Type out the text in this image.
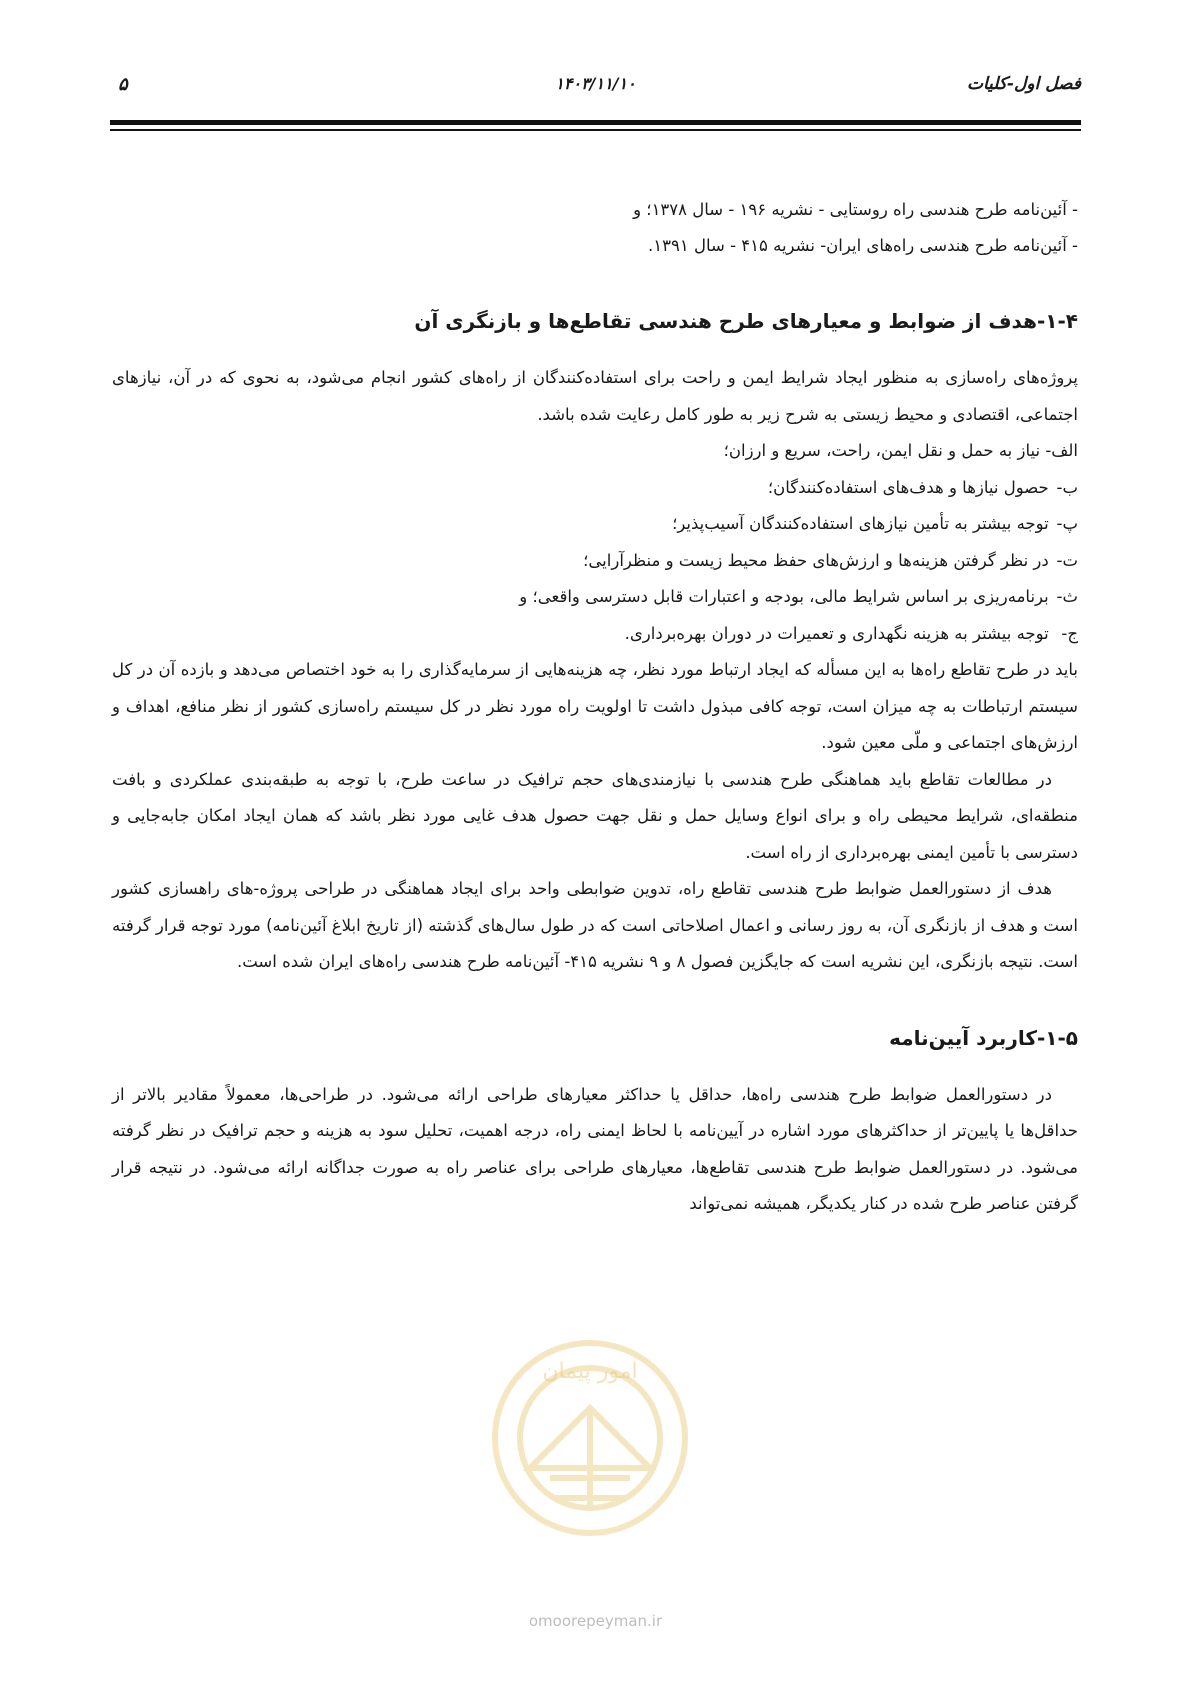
فصل اول-کلیات
۱۴۰۳/۱۱/۱۰
۵
- آئین‌نامه طرح هندسی راه روستایی - نشریه ۱۹۶ - سال ۱۳۷۸؛ و
- آئین‌نامه طرح هندسی راه‌های ایران- نشریه ۴۱۵ - سال ۱۳۹۱.
۱-۴-هدف از ضوابط و معیارهای طرح هندسی تقاطع‌ها و بازنگری آن

پروژه‌های راه‌سازی به منظور ایجاد شرایط ایمن و راحت برای استفاده‌کنندگان از راه‌های کشور انجام می‌شود، به نحوی که در آن، نیازهای اجتماعی، اقتصادی و محیط زیستی به شرح زیر به طور کامل رعایت شده باشد.

الف- نیاز به حمل و نقل ایمن، راحت، سریع و ارزان؛
ب- حصول نیازها و هدف‌های استفاده‌کنندگان؛
پ- توجه بیشتر به تأمین نیازهای استفاده‌کنندگان آسیب‌پذیر؛
ت- در نظر گرفتن هزینه‌ها و ارزش‌های حفظ محیط زیست و منظرآرایی؛
ث- برنامه‌ریزی بر اساس شرایط مالی، بودجه و اعتبارات قابل دسترسی واقعی؛ و
ج- توجه بیشتر به هزینه نگهداری و تعمیرات در دوران بهره‌برداری.

باید در طرح تقاطع راه‌ها به این مسأله که ایجاد ارتباط مورد نظر، چه هزینه‌هایی از سرمایه‌گذاری را به خود اختصاص می‌دهد و بازده آن در کل سیستم ارتباطات به چه میزان است، توجه کافی مبذول داشت تا اولویت راه مورد نظر در کل سیستم راه‌سازی کشور از نظر منافع، اهداف و ارزش‌های اجتماعی و ملّی معین شود.

در مطالعات تقاطع باید هماهنگی طرح هندسی با نیازمندی‌های حجم ترافیک در ساعت طرح، با توجه به طبقه‌بندی عملکردی و بافت منطقه‌ای، شرایط محیطی راه و برای انواع وسایل حمل و نقل جهت حصول هدف غایی مورد نظر باشد که همان ایجاد امکان جابه‌جایی و دسترسی با تأمین ایمنی بهره‌برداری از راه است.

هدف از دستورالعمل ضوابط طرح هندسی تقاطع راه، تدوین ضوابطی واحد برای ایجاد هماهنگی در طراحی پروژه-های راهسازی کشور است و هدف از بازنگری آن، به روز رسانی و اعمال اصلاحاتی است که در طول سال‌های گذشته (از تاریخ ابلاغ آئین‌نامه) مورد توجه قرار گرفته است. نتیجه بازنگری، این نشریه است که جایگزین فصول ۸ و ۹ نشریه ۴۱۵- آئین‌نامه طرح هندسی راه‌های ایران شده است.

۱-۵-کاربرد آیین‌نامه

در دستورالعمل ضوابط طرح هندسی راه‌ها، حداقل یا حداکثر معیارهای طراحی ارائه می‌شود. در طراحی‌ها، معمولاً مقادیر بالاتر از حداقل‌ها یا پایین‌تر از حداکثرهای مورد اشاره در آیین‌نامه با لحاظ ایمنی راه، درجه اهمیت، تحلیل سود به هزینه و حجم ترافیک در نظر گرفته می‌شود. در دستورالعمل ضوابط طرح هندسی تقاطع‌ها، معیارهای طراحی برای عناصر راه به صورت جداگانه ارائه می‌شود. در نتیجه قرار گرفتن عناصر طرح شده در کنار یکدیگر، همیشه نمی‌تواند

امور پیمان
omoorepeyman.ir
